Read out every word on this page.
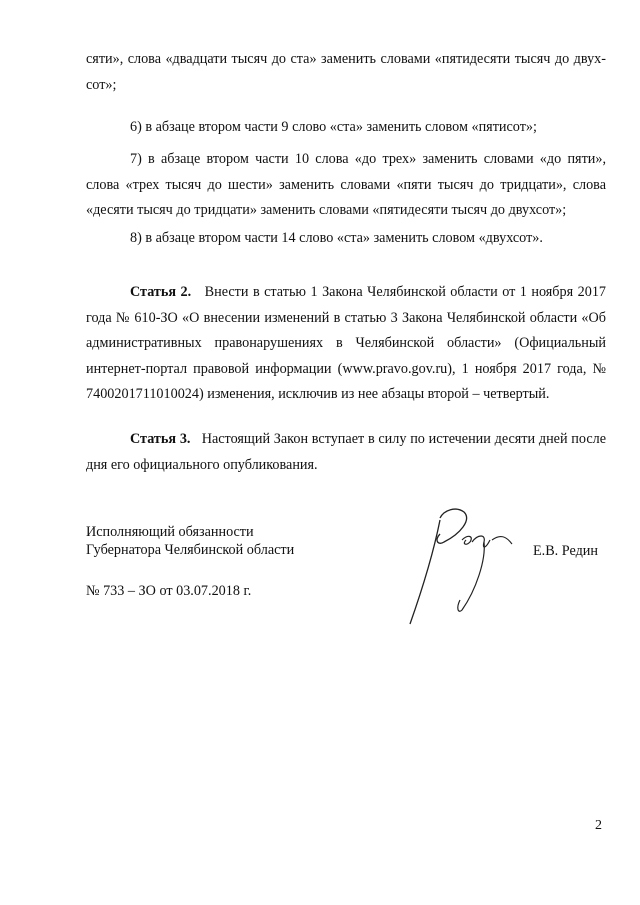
сяти», слова «двадцати тысяч до ста» заменить словами «пятидесяти тысяч до двух-
сот»;
6) в абзаце втором части 9 слово «ста» заменить словом «пятисот»;
7) в абзаце втором части 10 слова «до трех» заменить словами «до пяти», слова «трех тысяч до шести» заменить словами «пяти тысяч до тридцати», слова «десяти тысяч до тридцати» заменить словами «пятидесяти тысяч до двухсот»;
8) в абзаце втором части 14 слово «ста» заменить словом «двухсот».
Статья 2. Внести в статью 1 Закона Челябинской области от 1 ноября 2017 года № 610-ЗО «О внесении изменений в статью 3 Закона Челябинской области «Об административных правонарушениях в Челябинской области» (Официальный интернет-портал правовой информации (www.pravo.gov.ru), 1 ноября 2017 года, № 7400201711010024) изменения, исключив из нее абзацы второй – четвертый.
Статья 3. Настоящий Закон вступает в силу по истечении десяти дней после дня его официального опубликования.
Исполняющий обязанности
Губернатора Челябинской области	Е.В. Редин
№ 733 – ЗО от 03.07.2018 г.
2
